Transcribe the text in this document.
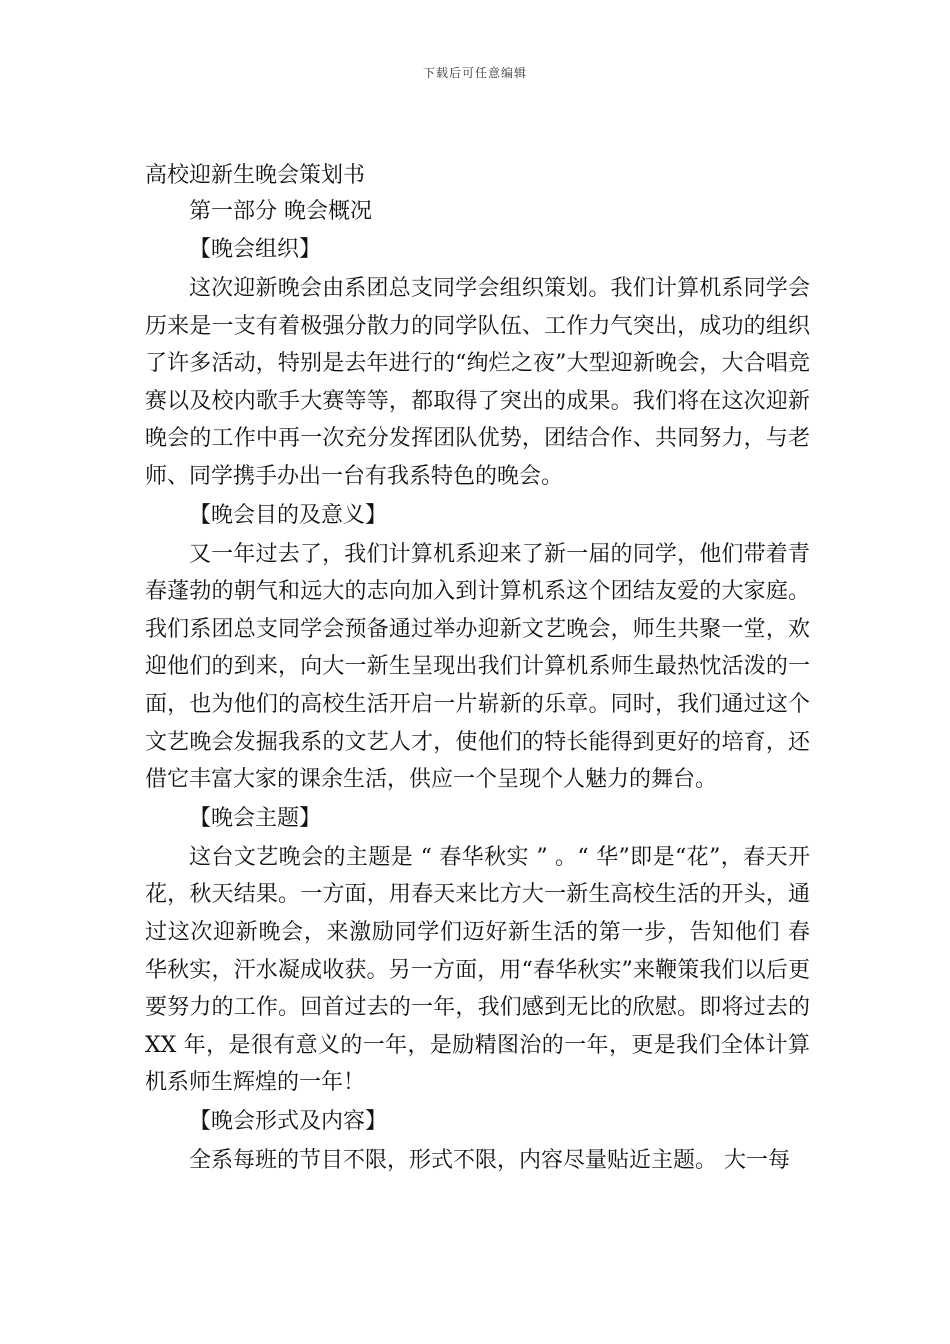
下载后可任意编辑
高校迎新生晚会策划书
第一部分 晚会概况
【晚会组织】

这次迎新晚会由系团总支同学会组织策划。我们计算机系同学会历来是一支有着极强分散力的同学队伍、工作力气突出，成功的组织了许多活动，特别是去年进行的“绚烂之夜”大型迎新晚会，大合唱竞赛以及校内歌手大赛等等，都取得了突出的成果。我们将在这次迎新晚会的工作中再一次充分发挥团队优势，团结合作、共同努力，与老师、同学携手办出一台有我系特色的晚会。

【晚会目的及意义】

又一年过去了，我们计算机系迎来了新一届的同学，他们带着青春蓬勃的朝气和远大的志向加入到计算机系这个团结友爱的大家庭。我们系团总支同学会预备通过举办迎新文艺晚会，师生共聚一堂，欢迎他们的到来，向大一新生呈现出我们计算机系师生最热忱活泼的一面，也为他们的高校生活开启一片崭新的乐章。同时，我们通过这个文艺晚会发掘我系的文艺人才，使他们的特长能得到更好的培育，还借它丰富大家的课余生活，供应一个呈现个人魅力的舞台。

【晚会主题】

这台文艺晚会的主题是 “ 春华秋实 ” 。“ 华”即是“花”，春天开花，秋天结果。一方面，用春天来比方大一新生高校生活的开头，通过这次迎新晚会，来激励同学们迈好新生活的第一步，告知他们 春华秋实，汗水凝成收获。另一方面，用“春华秋实”来鞭策我们以后更要努力的工作。回首过去的一年，我们感到无比的欣慰。即将过去的 XX 年，是很有意义的一年，是励精图治的一年，更是我们全体计算机系师生辉煌的一年！

【晚会形式及内容】

全系每班的节目不限，形式不限，内容尽量贴近主题。 大一每
